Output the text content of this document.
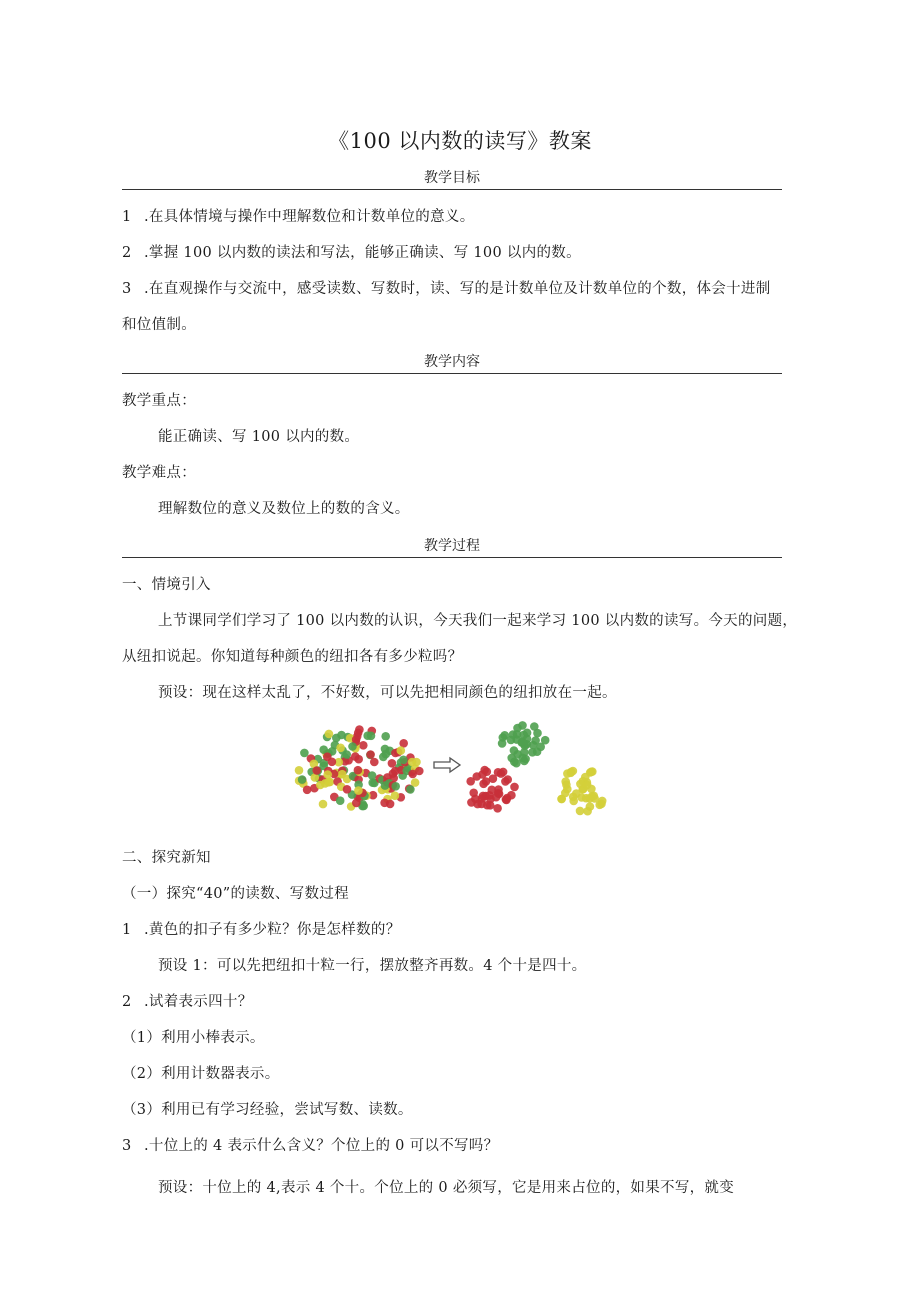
《100 以内数的读写》教案
教学目标
1 .在具体情境与操作中理解数位和计数单位的意义。
2 .掌握 100 以内数的读法和写法，能够正确读、写 100 以内的数。
3 .在直观操作与交流中，感受读数、写数时，读、写的是计数单位及计数单位的个数，体会十进制
和位值制。
教学内容
教学重点：
能正确读、写 100 以内的数。
教学难点：
理解数位的意义及数位上的数的含义。
教学过程
一、情境引入
上节课同学们学习了 100 以内数的认识，今天我们一起来学习 100 以内数的读写。今天的问题，
从纽扣说起。你知道每种颜色的纽扣各有多少粒吗？
预设：现在这样太乱了，不好数，可以先把相同颜色的纽扣放在一起。
二、探究新知
（一）探究“40”的读数、写数过程
1 .黄色的扣子有多少粒？你是怎样数的？
预设 1：可以先把纽扣十粒一行，摆放整齐再数。4 个十是四十。
2 .试着表示四十？
（1）利用小棒表示。
（2）利用计数器表示。
（3）利用已有学习经验，尝试写数、读数。
3 .十位上的 4 表示什么含义？个位上的 0 可以不写吗？
预设：十位上的 4,表示 4 个十。个位上的 0 必须写，它是用来占位的，如果不写，就变
